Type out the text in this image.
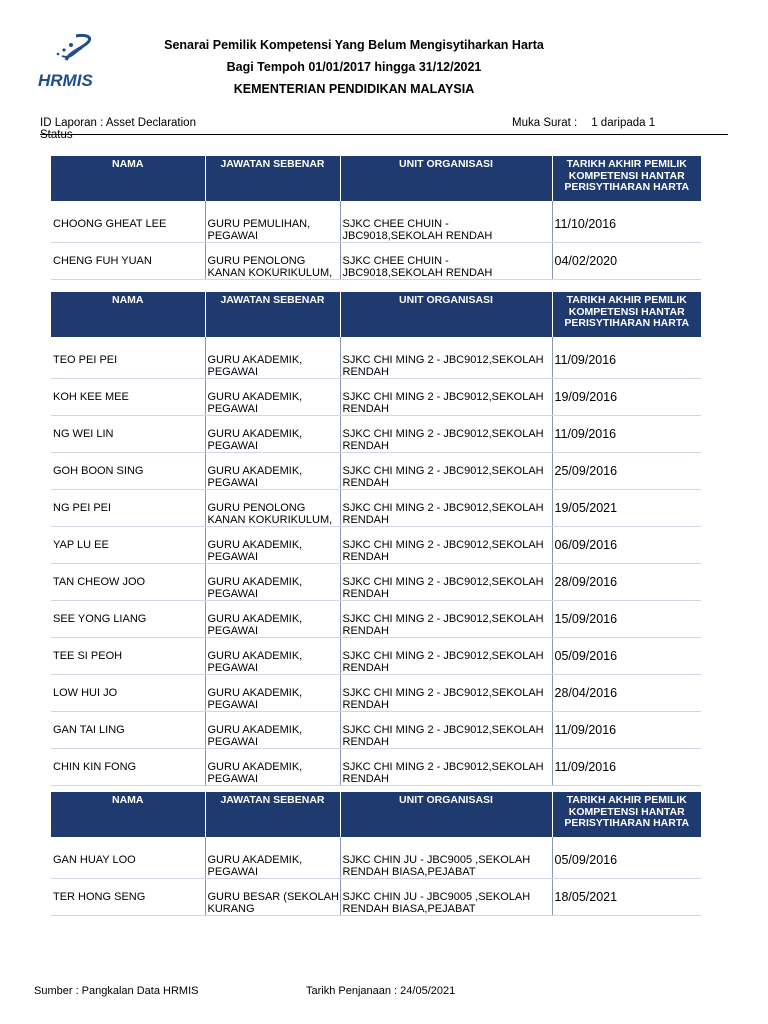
HRMIS
Senarai Pemilik Kompetensi Yang Belum Mengisytiharkan Harta
Bagi Tempoh 01/01/2017 hingga 31/12/2021
KEMENTERIAN PENDIDIKAN MALAYSIA
ID Laporan : Asset Declaration
Status
Muka Surat : 1 daripada 1
NAMA	JAWATAN SEBENAR	UNIT ORGANISASI	TARIKH AKHIR PEMILIK KOMPETENSI HANTAR PERISYTIHARAN HARTA
CHOONG GHEAT LEE	GURU PEMULIHAN, PEGAWAI	SJKC CHEE CHUIN - JBC9018,SEKOLAH RENDAH	11/10/2016
CHENG FUH YUAN	GURU PENOLONG KANAN KOKURIKULUM,	SJKC CHEE CHUIN - JBC9018,SEKOLAH RENDAH	04/02/2020
NAMA	JAWATAN SEBENAR	UNIT ORGANISASI	TARIKH AKHIR PEMILIK KOMPETENSI HANTAR PERISYTIHARAN HARTA
TEO PEI PEI	GURU AKADEMIK, PEGAWAI	SJKC CHI MING 2 - JBC9012,SEKOLAH RENDAH	11/09/2016
KOH KEE MEE	GURU AKADEMIK, PEGAWAI	SJKC CHI MING 2 - JBC9012,SEKOLAH RENDAH	19/09/2016
NG WEI LIN	GURU AKADEMIK, PEGAWAI	SJKC CHI MING 2 - JBC9012,SEKOLAH RENDAH	11/09/2016
GOH BOON SING	GURU AKADEMIK, PEGAWAI	SJKC CHI MING 2 - JBC9012,SEKOLAH RENDAH	25/09/2016
NG PEI PEI	GURU PENOLONG KANAN KOKURIKULUM,	SJKC CHI MING 2 - JBC9012,SEKOLAH RENDAH	19/05/2021
YAP LU EE	GURU AKADEMIK, PEGAWAI	SJKC CHI MING 2 - JBC9012,SEKOLAH RENDAH	06/09/2016
TAN CHEOW JOO	GURU AKADEMIK, PEGAWAI	SJKC CHI MING 2 - JBC9012,SEKOLAH RENDAH	28/09/2016
SEE YONG LIANG	GURU AKADEMIK, PEGAWAI	SJKC CHI MING 2 - JBC9012,SEKOLAH RENDAH	15/09/2016
TEE SI PEOH	GURU AKADEMIK, PEGAWAI	SJKC CHI MING 2 - JBC9012,SEKOLAH RENDAH	05/09/2016
LOW HUI JO	GURU AKADEMIK, PEGAWAI	SJKC CHI MING 2 - JBC9012,SEKOLAH RENDAH	28/04/2016
GAN TAI LING	GURU AKADEMIK, PEGAWAI	SJKC CHI MING 2 - JBC9012,SEKOLAH RENDAH	11/09/2016
CHIN KIN FONG	GURU AKADEMIK, PEGAWAI	SJKC CHI MING 2 - JBC9012,SEKOLAH RENDAH	11/09/2016
NAMA	JAWATAN SEBENAR	UNIT ORGANISASI	TARIKH AKHIR PEMILIK KOMPETENSI HANTAR PERISYTIHARAN HARTA
GAN HUAY LOO	GURU AKADEMIK, PEGAWAI	SJKC CHIN JU - JBC9005 ,SEKOLAH RENDAH BIASA,PEJABAT	05/09/2016
TER HONG SENG	GURU BESAR (SEKOLAH KURANG	SJKC CHIN JU - JBC9005 ,SEKOLAH RENDAH BIASA,PEJABAT	18/05/2021
Sumber : Pangkalan Data HRMIS	Tarikh Penjanaan : 24/05/2021
